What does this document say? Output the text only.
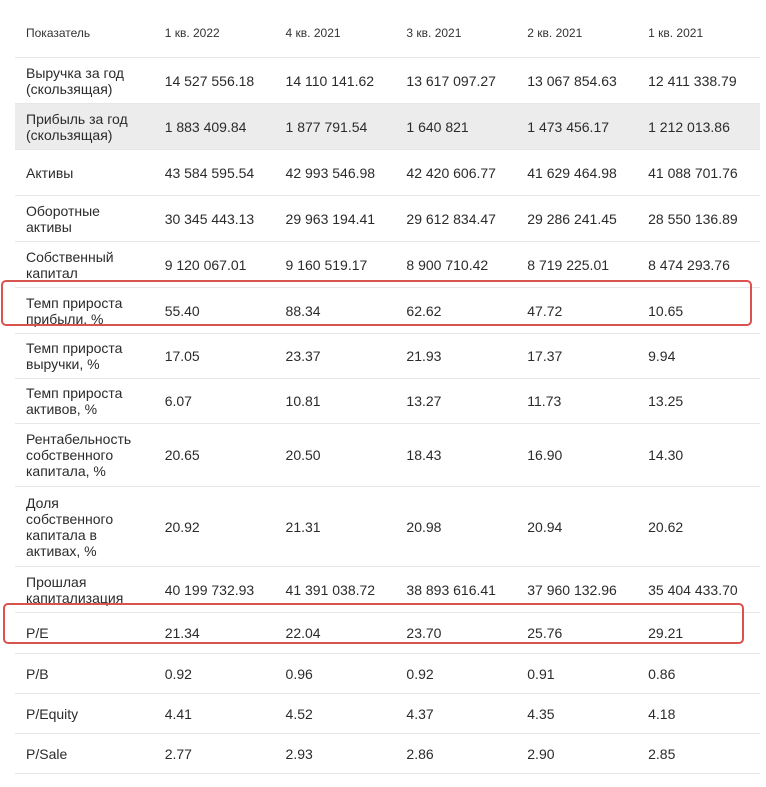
Показатель	1 кв. 2022	4 кв. 2021	3 кв. 2021	2 кв. 2021	1 кв. 2021
Выручка за год (скользящая)	14 527 556.18	14 110 141.62	13 617 097.27	13 067 854.63	12 411 338.79
Прибыль за год (скользящая)	1 883 409.84	1 877 791.54	1 640 821	1 473 456.17	1 212 013.86
Активы	43 584 595.54	42 993 546.98	42 420 606.77	41 629 464.98	41 088 701.76
Оборотные активы	30 345 443.13	29 963 194.41	29 612 834.47	29 286 241.45	28 550 136.89
Собственный капитал	9 120 067.01	9 160 519.17	8 900 710.42	8 719 225.01	8 474 293.76
Темп прироста прибыли, %	55.40	88.34	62.62	47.72	10.65
Темп прироста выручки, %	17.05	23.37	21.93	17.37	9.94
Темп прироста активов, %	6.07	10.81	13.27	11.73	13.25
Рентабельность собственного капитала, %	20.65	20.50	18.43	16.90	14.30
Доля собственного капитала в активах, %	20.92	21.31	20.98	20.94	20.62
Прошлая капитализация	40 199 732.93	41 391 038.72	38 893 616.41	37 960 132.96	35 404 433.70
P/E	21.34	22.04	23.70	25.76	29.21
P/B	0.92	0.96	0.92	0.91	0.86
P/Equity	4.41	4.52	4.37	4.35	4.18
P/Sale	2.77	2.93	2.86	2.90	2.85
